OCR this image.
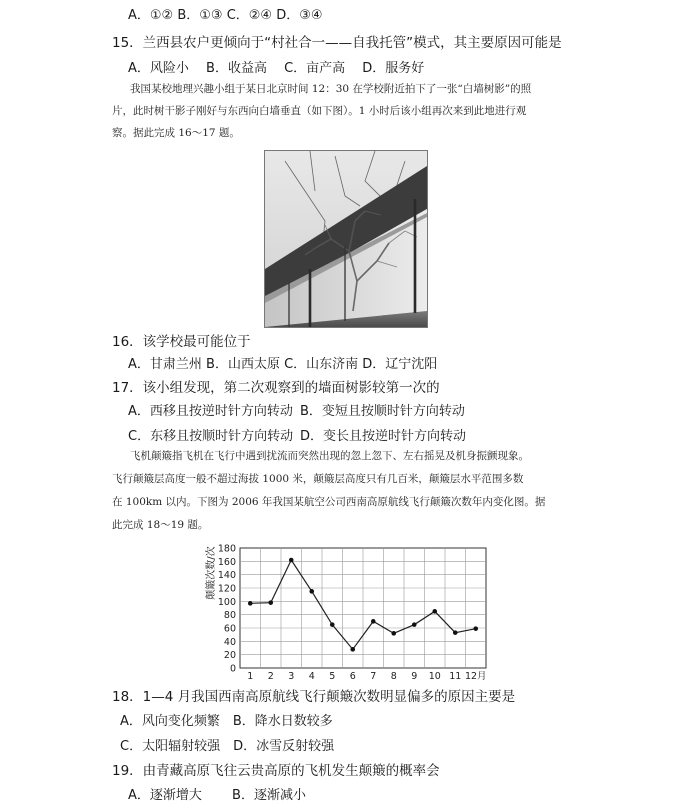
A．①② B．①③ C．②④ D．③④
15．兰西县农户更倾向于“村社合一——自我托管”模式，其主要原因可能是
A．风险小　 B．收益高　 C．亩产高　 D．服务好
我国某校地理兴趣小组于某日北京时间 12：30 在学校附近拍下了一张“白墙树影”的照
片，此时树干影子刚好与东西向白墙垂直（如下图）。1 小时后该小组再次来到此地进行观
察。据此完成 16～17 题。
16．该学校最可能位于
A．甘肃兰州 B．山西太原 C．山东济南 D．辽宁沈阳
17．该小组发现，第二次观察到的墙面树影较第一次的
A．西移且按逆时针方向转动 B．变短且按顺时针方向转动
C．东移且按顺时针方向转动 D．变长且按逆时针方向转动
飞机颠簸指飞机在飞行中遇到扰流而突然出现的忽上忽下、左右摇晃及机身振颤现象。
飞行颠簸层高度一般不超过海拔 1000 米，颠簸层高度只有几百米，颠簸层水平范围多数
在 100km 以内。下图为 2006 年我国某航空公司西南高原航线飞行颠簸次数年内变化图。据
此完成 18～19 题。
颠簸次数/次
0
20
40
60
80
100
120
140
160
180
1 2 3 4 5 6 7 8 9 10 11 12月
18．1—4 月我国西南高原航线飞行颠簸次数明显偏多的原因主要是
A．风向变化频繁　B．降水日数较多
C．太阳辐射较强　D．冰雪反射较强
19．由青藏高原飞往云贵高原的飞机发生颠簸的概率会
A．逐渐增大　　 B．逐渐减小
